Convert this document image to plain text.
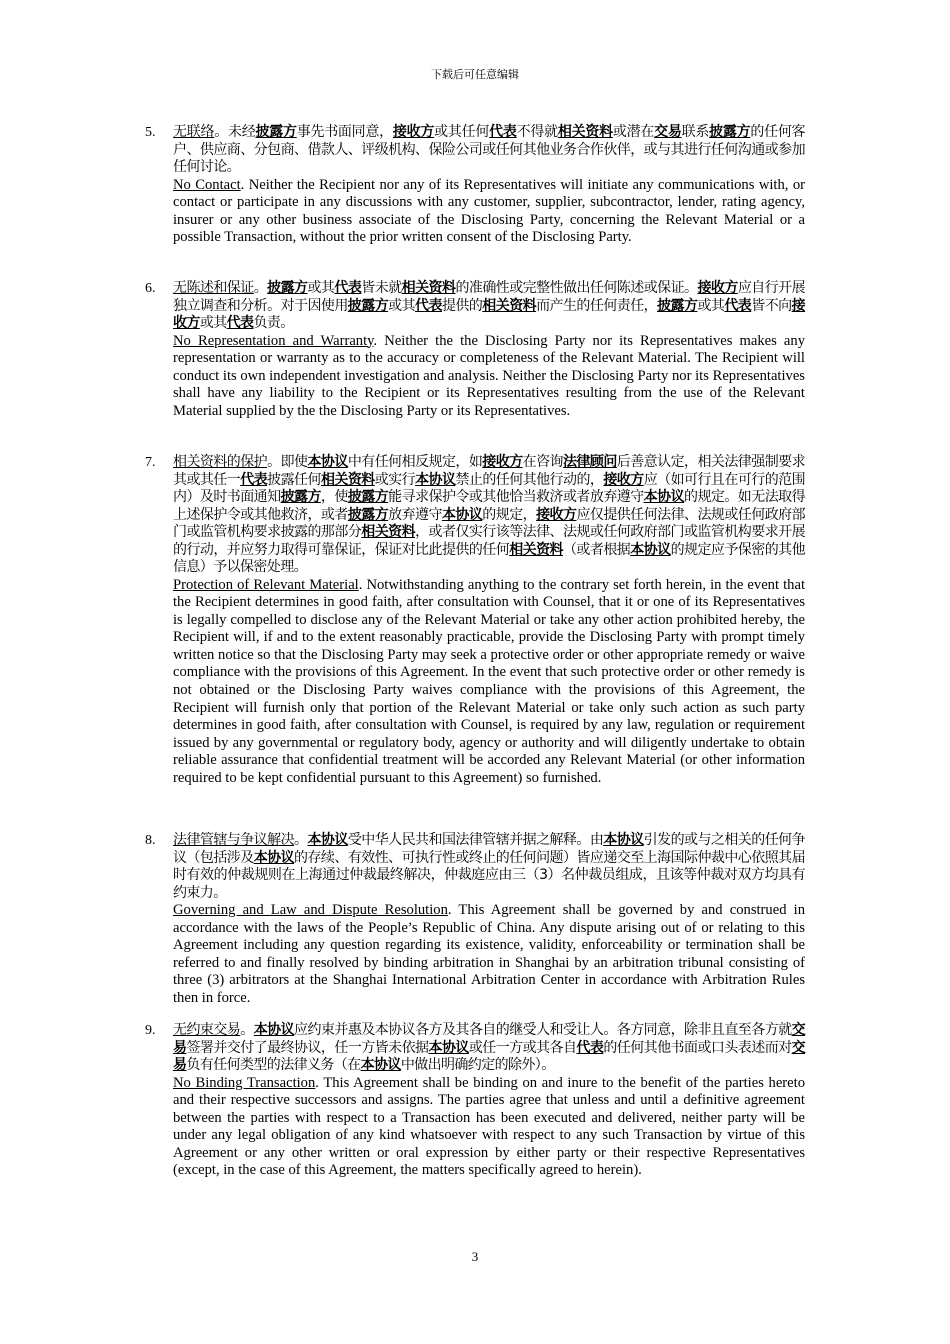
下载后可任意编辑
5. 无联络。未经披露方事先书面同意，接收方或其任何代表不得就相关资料或潜在交易联系披露方的任何客户、供应商、分包商、借款人、评级机构、保险公司或任何其他业务合作伙伴，或与其进行任何沟通或参加任何讨论。
No Contact. Neither the Recipient nor any of its Representatives will initiate any communications with, or contact or participate in any discussions with any customer, supplier, subcontractor, lender, rating agency, insurer or any other business associate of the Disclosing Party, concerning the Relevant Material or a possible Transaction, without the prior written consent of the Disclosing Party.
6. 无陈述和保证。披露方或其代表皆未就相关资料的准确性或完整性做出任何陈述或保证。接收方应自行开展独立调查和分析。对于因使用披露方或其代表提供的相关资料而产生的任何责任，披露方或其代表皆不向接收方或其代表负责。
No Representation and Warranty. Neither the the Disclosing Party nor its Representatives makes any representation or warranty as to the accuracy or completeness of the Relevant Material. The Recipient will conduct its own independent investigation and analysis. Neither the Disclosing Party nor its Representatives shall have any liability to the Recipient or its Representatives resulting from the use of the Relevant Material supplied by the the Disclosing Party or its Representatives.
7. 相关资料的保护。即使本协议中有任何相反规定，如接收方在咨询法律顾问后善意认定，相关法律强制要求其或其任一代表披露任何相关资料或实行本协议禁止的任何其他行动的，接收方应（如可行且在可行的范围内）及时书面通知披露方，使披露方能寻求保护令或其他恰当救济或者放弃遵守本协议的规定。如无法取得上述保护令或其他救济，或者披露方放弃遵守本协议的规定，接收方应仅提供任何法律、法规或任何政府部门或监管机构要求披露的那部分相关资料，或者仅实行该等法律、法规或任何政府部门或监管机构要求开展的行动，并应努力取得可靠保证，保证对比此提供的任何相关资料（或者根据本协议的规定应予保密的其他信息）予以保密处理。
Protection of Relevant Material. Notwithstanding anything to the contrary set forth herein, in the event that the Recipient determines in good faith, after consultation with Counsel, that it or one of its Representatives is legally compelled to disclose any of the Relevant Material or take any other action prohibited hereby, the Recipient will, if and to the extent reasonably practicable, provide the Disclosing Party with prompt timely written notice so that the Disclosing Party may seek a protective order or other appropriate remedy or waive compliance with the provisions of this Agreement. In the event that such protective order or other remedy is not obtained or the Disclosing Party waives compliance with the provisions of this Agreement, the Recipient will furnish only that portion of the Relevant Material or take only such action as such party determines in good faith, after consultation with Counsel, is required by any law, regulation or requirement issued by any governmental or regulatory body, agency or authority and will diligently undertake to obtain reliable assurance that confidential treatment will be accorded any Relevant Material (or other information required to be kept confidential pursuant to this Agreement) so furnished.
8. 法律管辖与争议解决。本协议受中华人民共和国法律管辖并据之解释。由本协议引发的或与之相关的任何争议（包括涉及本协议的存续、有效性、可执行性或终止的任何问题）皆应递交至上海国际仲裁中心依照其届时有效的仲裁规则在上海通过仲裁最终解决，仲裁庭应由三（3）名仲裁员组成，且该等仲裁对双方均具有约束力。
Governing and Law and Dispute Resolution. This Agreement shall be governed by and construed in accordance with the laws of the People’s Republic of China. Any dispute arising out of or relating to this Agreement including any question regarding its existence, validity, enforceability or termination shall be referred to and finally resolved by binding arbitration in Shanghai by an arbitration tribunal consisting of three (3) arbitrators at the Shanghai International Arbitration Center in accordance with Arbitration Rules then in force.
9. 无约束交易。本协议应约束并惠及本协议各方及其各自的继受人和受让人。各方同意，除非且直至各方就交易签署并交付了最终协议，任一方皆未依据本协议或任一方或其各自代表的任何其他书面或口头表述而对交易负有任何类型的法律义务（在本协议中做出明确约定的除外）。
No Binding Transaction. This Agreement shall be binding on and inure to the benefit of the parties hereto and their respective successors and assigns. The parties agree that unless and until a definitive agreement between the parties with respect to a Transaction has been executed and delivered, neither party will be under any legal obligation of any kind whatsoever with respect to any such Transaction by virtue of this Agreement or any other written or oral expression by either party or their respective Representatives (except, in the case of this Agreement, the matters specifically agreed to herein).
3
